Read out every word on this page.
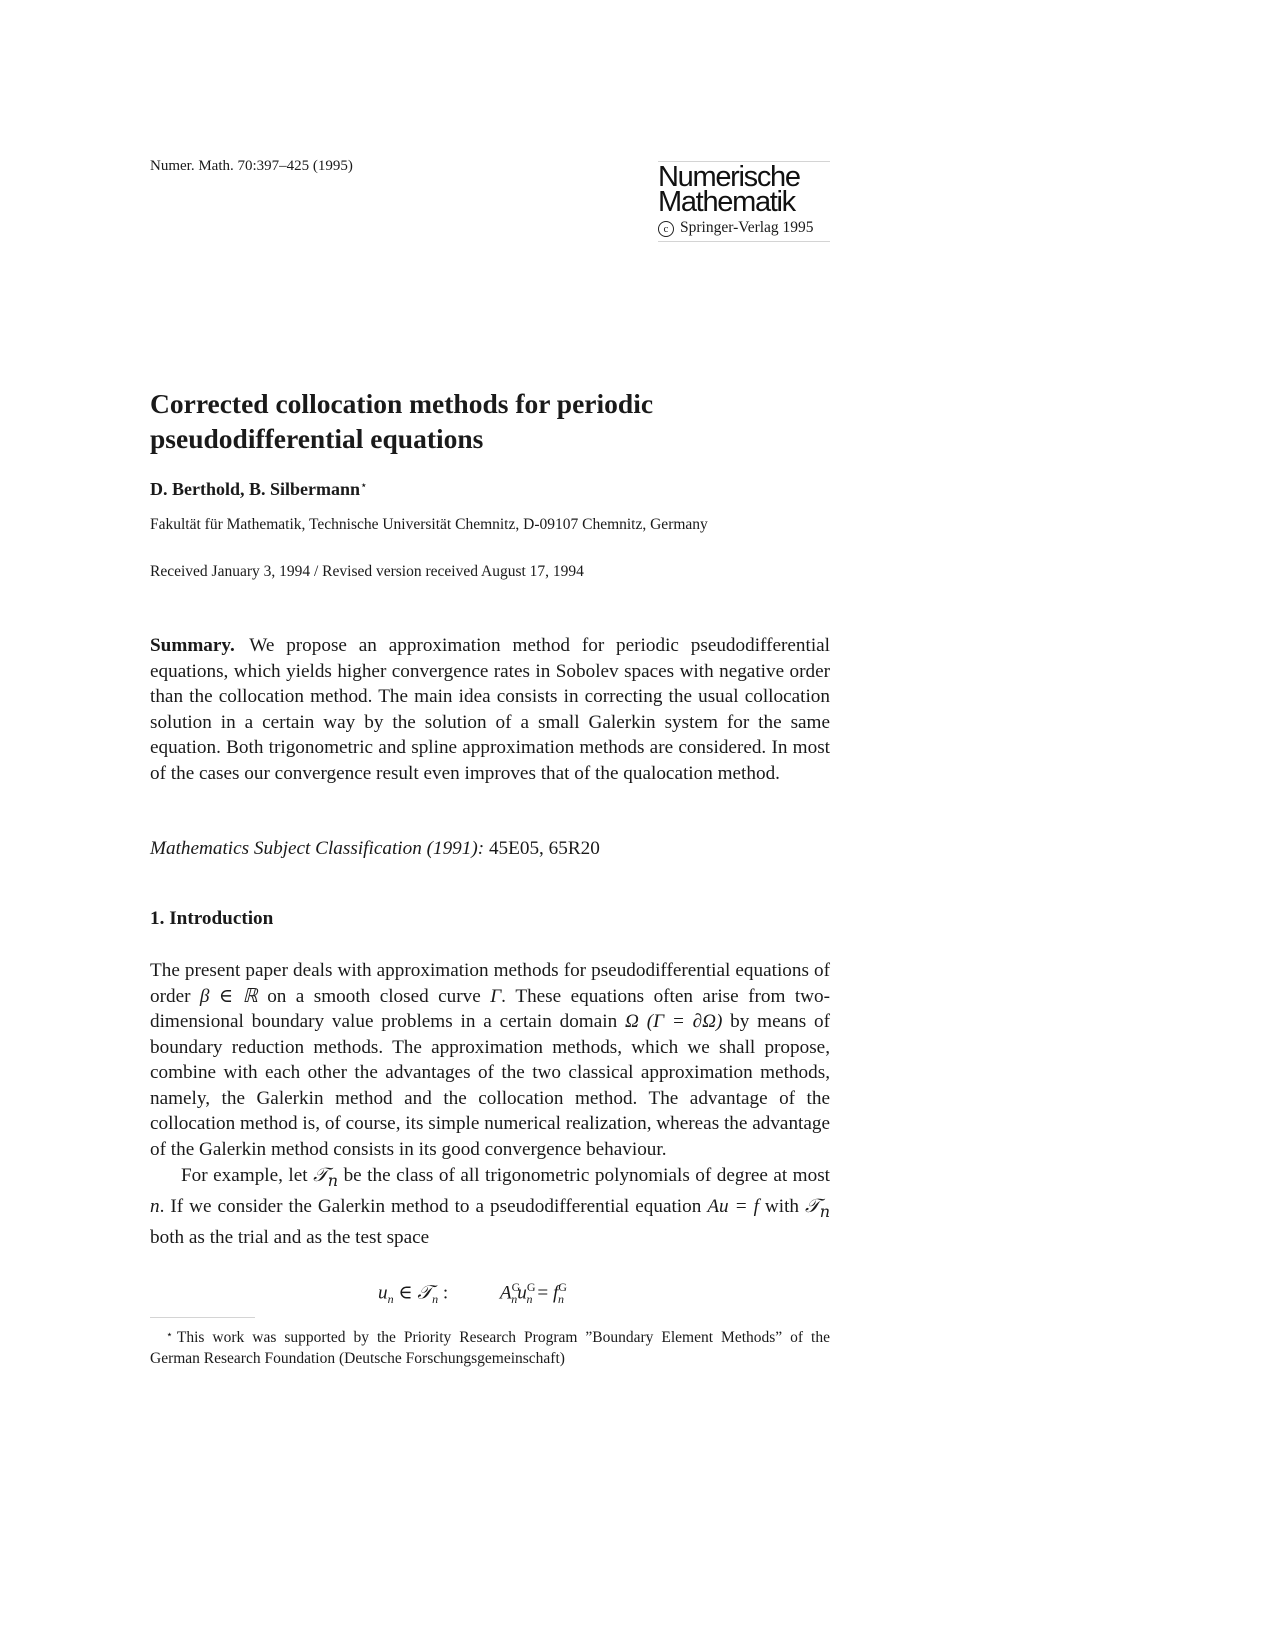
Numer. Math. 70:397–425 (1995)	Numerische
Mathematik
c Springer-Verlag 1995
Corrected collocation methods for periodic pseudodifferential equations
D. Berthold, B. Silbermann⋆
Fakultät für Mathematik, Technische Universität Chemnitz, D-09107 Chemnitz, Germany
Received January 3, 1994 / Revised version received August 17, 1994
Summary. We propose an approximation method for periodic pseudodifferential equations, which yields higher convergence rates in Sobolev spaces with negative order than the collocation method. The main idea consists in correcting the usual collocation solution in a certain way by the solution of a small Galerkin system for the same equation. Both trigonometric and spline approximation methods are considered. In most of the cases our convergence result even improves that of the qualocation method.
Mathematics Subject Classification (1991): 45E05, 65R20
1. Introduction

The present paper deals with approximation methods for pseudodifferential equations of order β ∈ ℝ on a smooth closed curve Γ. These equations often arise from two-dimensional boundary value problems in a certain domain Ω (Γ = ∂Ω) by means of boundary reduction methods. The approximation methods, which we shall propose, combine with each other the advantages of the two classical approximation methods, namely, the Galerkin method and the collocation method. The advantage of the collocation method is, of course, its simple numerical realization, whereas the advantage of the Galerkin method consists in its good convergence behaviour.

For example, let 𝒯$_n$ be the class of all trigonometric polynomials of degree at most n. If we consider the Galerkin method to a pseudodifferential equation Au = f with 𝒯$_n$ both as the trial and as the test space

$u_n$ ∈ 𝒯$_n$ :	$A^G_nu^G_n = f^G_n$
⋆ This work was supported by the Priority Research Program ”Boundary Element Methods” of the German Research Foundation (Deutsche Forschungsgemeinschaft)
